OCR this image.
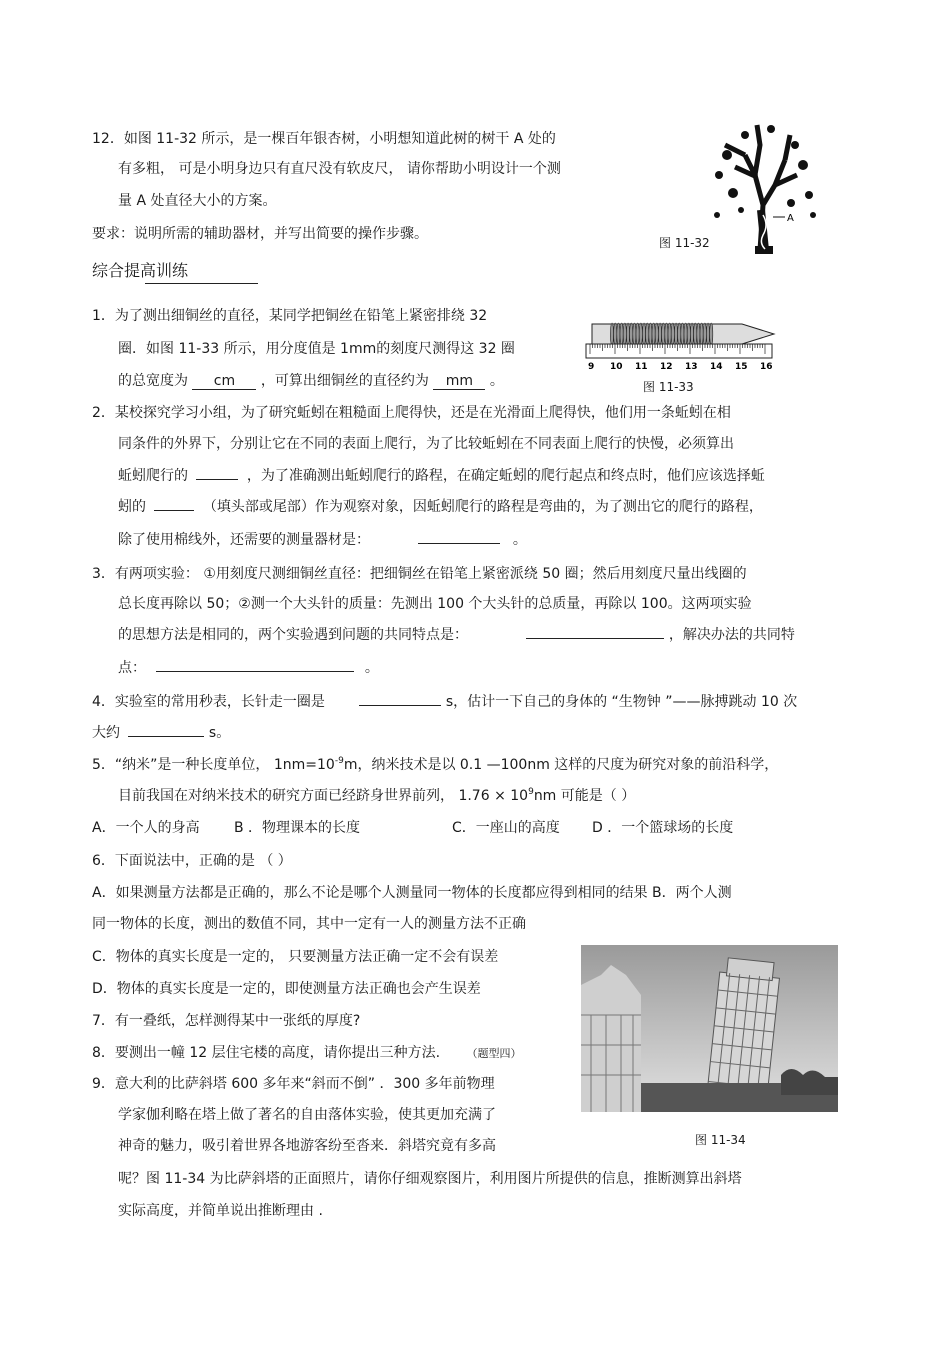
12．如图 11-32 所示，是一棵百年银杏树，小明想知道此树的树干 A 处的
有多粗， 可是小明身边只有直尺没有软皮尺， 请你帮助小明设计一个测
量 A 处直径大小的方案。
要求：说明所需的辅助器材，并写出简要的操作步骤。
A
图 11-32
综合提高训练
1．为了测出细铜丝的直径，某同学把铜丝在铅笔上紧密排绕 32
圈．如图 11-33 所示，用分度值是 1mm的刻度尺测得这 32 圈
的总宽度为 cm ，可算出细铜丝的直径约为 mm 。
9 10 11 12 13 14 15 16
图 11-33
2．某校探究学习小组，为了研究蚯蚓在粗糙面上爬得快，还是在光滑面上爬得快，他们用一条蚯蚓在相
同条件的外界下，分别让它在不同的表面上爬行，为了比较蚯蚓在不同表面上爬行的快慢，必须算出
蚯蚓爬行的	，为了准确测出蚯蚓爬行的路程，在确定蚯蚓的爬行起点和终点时，他们应该选择蚯
蚓的	（填头部或尾部）作为观察对象，因蚯蚓爬行的路程是弯曲的，为了测出它的爬行的路程，
除了使用棉线外，还需要的测量器材是：	。
3．有两项实验： ①用刻度尺测细铜丝直径：把细铜丝在铅笔上紧密派绕 50 圈；然后用刻度尺量出线圈的
总长度再除以 50；②测一个大头针的质量：先测出 100 个大头针的总质量，再除以 100。这两项实验
的思想方法是相同的，两个实验遇到问题的共同特点是：	，解决办法的共同特
点：	。
4．实验室的常用秒表，长针走一圈是	s，估计一下自己的身体的 “生物钟 ”——脉搏跳动 10 次
大约	s。
5．“纳米”是一种长度单位， $1nm=10^{-9}m$，纳米技术是以 0.1 —100nm 这样的尺度为研究对象的前沿科学，
目前我国在对纳米技术的研究方面已经跻身世界前列， $1.76 \times 10^9nm$ 可能是（ ）
A．一个人的身高 B ．物理课本的长度	C．一座山的高度 D ．一个篮球场的长度
6．下面说法中，正确的是 （ ）
A．如果测量方法都是正确的，那么不论是哪个人测量同一物体的长度都应得到相同的结果 B．两个人测
同一物体的长度，测出的数值不同，其中一定有一人的测量方法不正确
C．物体的真实长度是一定的， 只要测量方法正确一定不会有误差
D．物体的真实长度是一定的，即使测量方法正确也会产生误差
7．有一叠纸，怎样测得某中一张纸的厚度?
8．要测出一幢 12 层住宅楼的高度，请你提出三种方法. （题型四）
9．意大利的比萨斜塔 600 多年来“斜而不倒” ．300 多年前物理
学家伽利略在塔上做了著名的自由落体实验，使其更加充满了
神奇的魅力，吸引着世界各地游客纷至沓来．斜塔究竟有多高
呢？图 11-34 为比萨斜塔的正面照片，请你仔细观察图片，利用图片所提供的信息，推断测算出斜塔
实际高度，并简单说出推断理由 .
图 11-34
